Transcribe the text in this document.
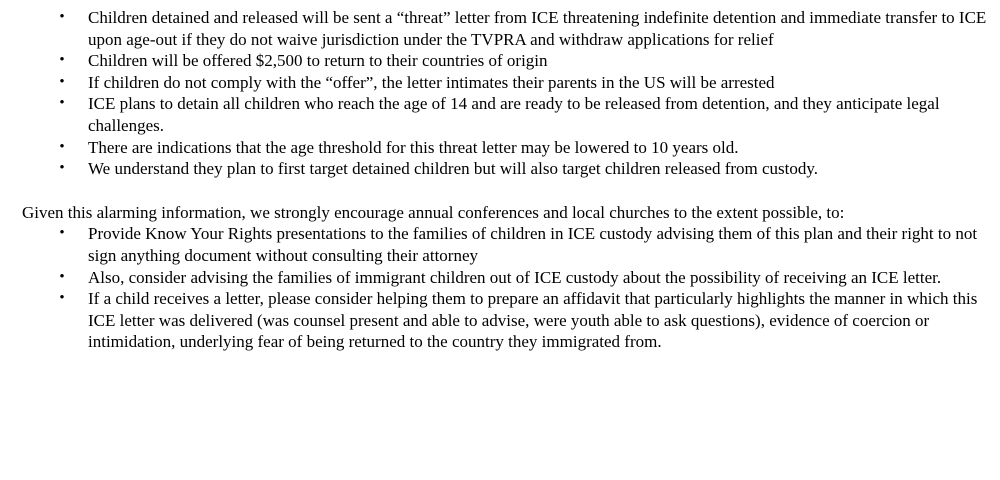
• Children detained and released will be sent a “threat” letter from ICE threatening indefinite detention and immediate transfer to ICE upon age-out if they do not waive jurisdiction under the TVPRA and withdraw applications for relief
• Children will be offered $2,500 to return to their countries of origin
• If children do not comply with the “offer”, the letter intimates their parents in the US will be arrested
• ICE plans to detain all children who reach the age of 14 and are ready to be released from detention, and they anticipate legal challenges.
• There are indications that the age threshold for this threat letter may be lowered to 10 years old.
• We understand they plan to first target detained children but will also target children released from custody.

Given this alarming information, we strongly encourage annual conferences and local churches to the extent possible, to:

• Provide Know Your Rights presentations to the families of children in ICE custody advising them of this plan and their right to not sign anything document without consulting their attorney
• Also, consider advising the families of immigrant children out of ICE custody about the possibility of receiving an ICE letter.
• If a child receives a letter, please consider helping them to prepare an affidavit that particularly highlights the manner in which this ICE letter was delivered (was counsel present and able to advise, were youth able to ask questions), evidence of coercion or intimidation, underlying fear of being returned to the country they immigrated from.
